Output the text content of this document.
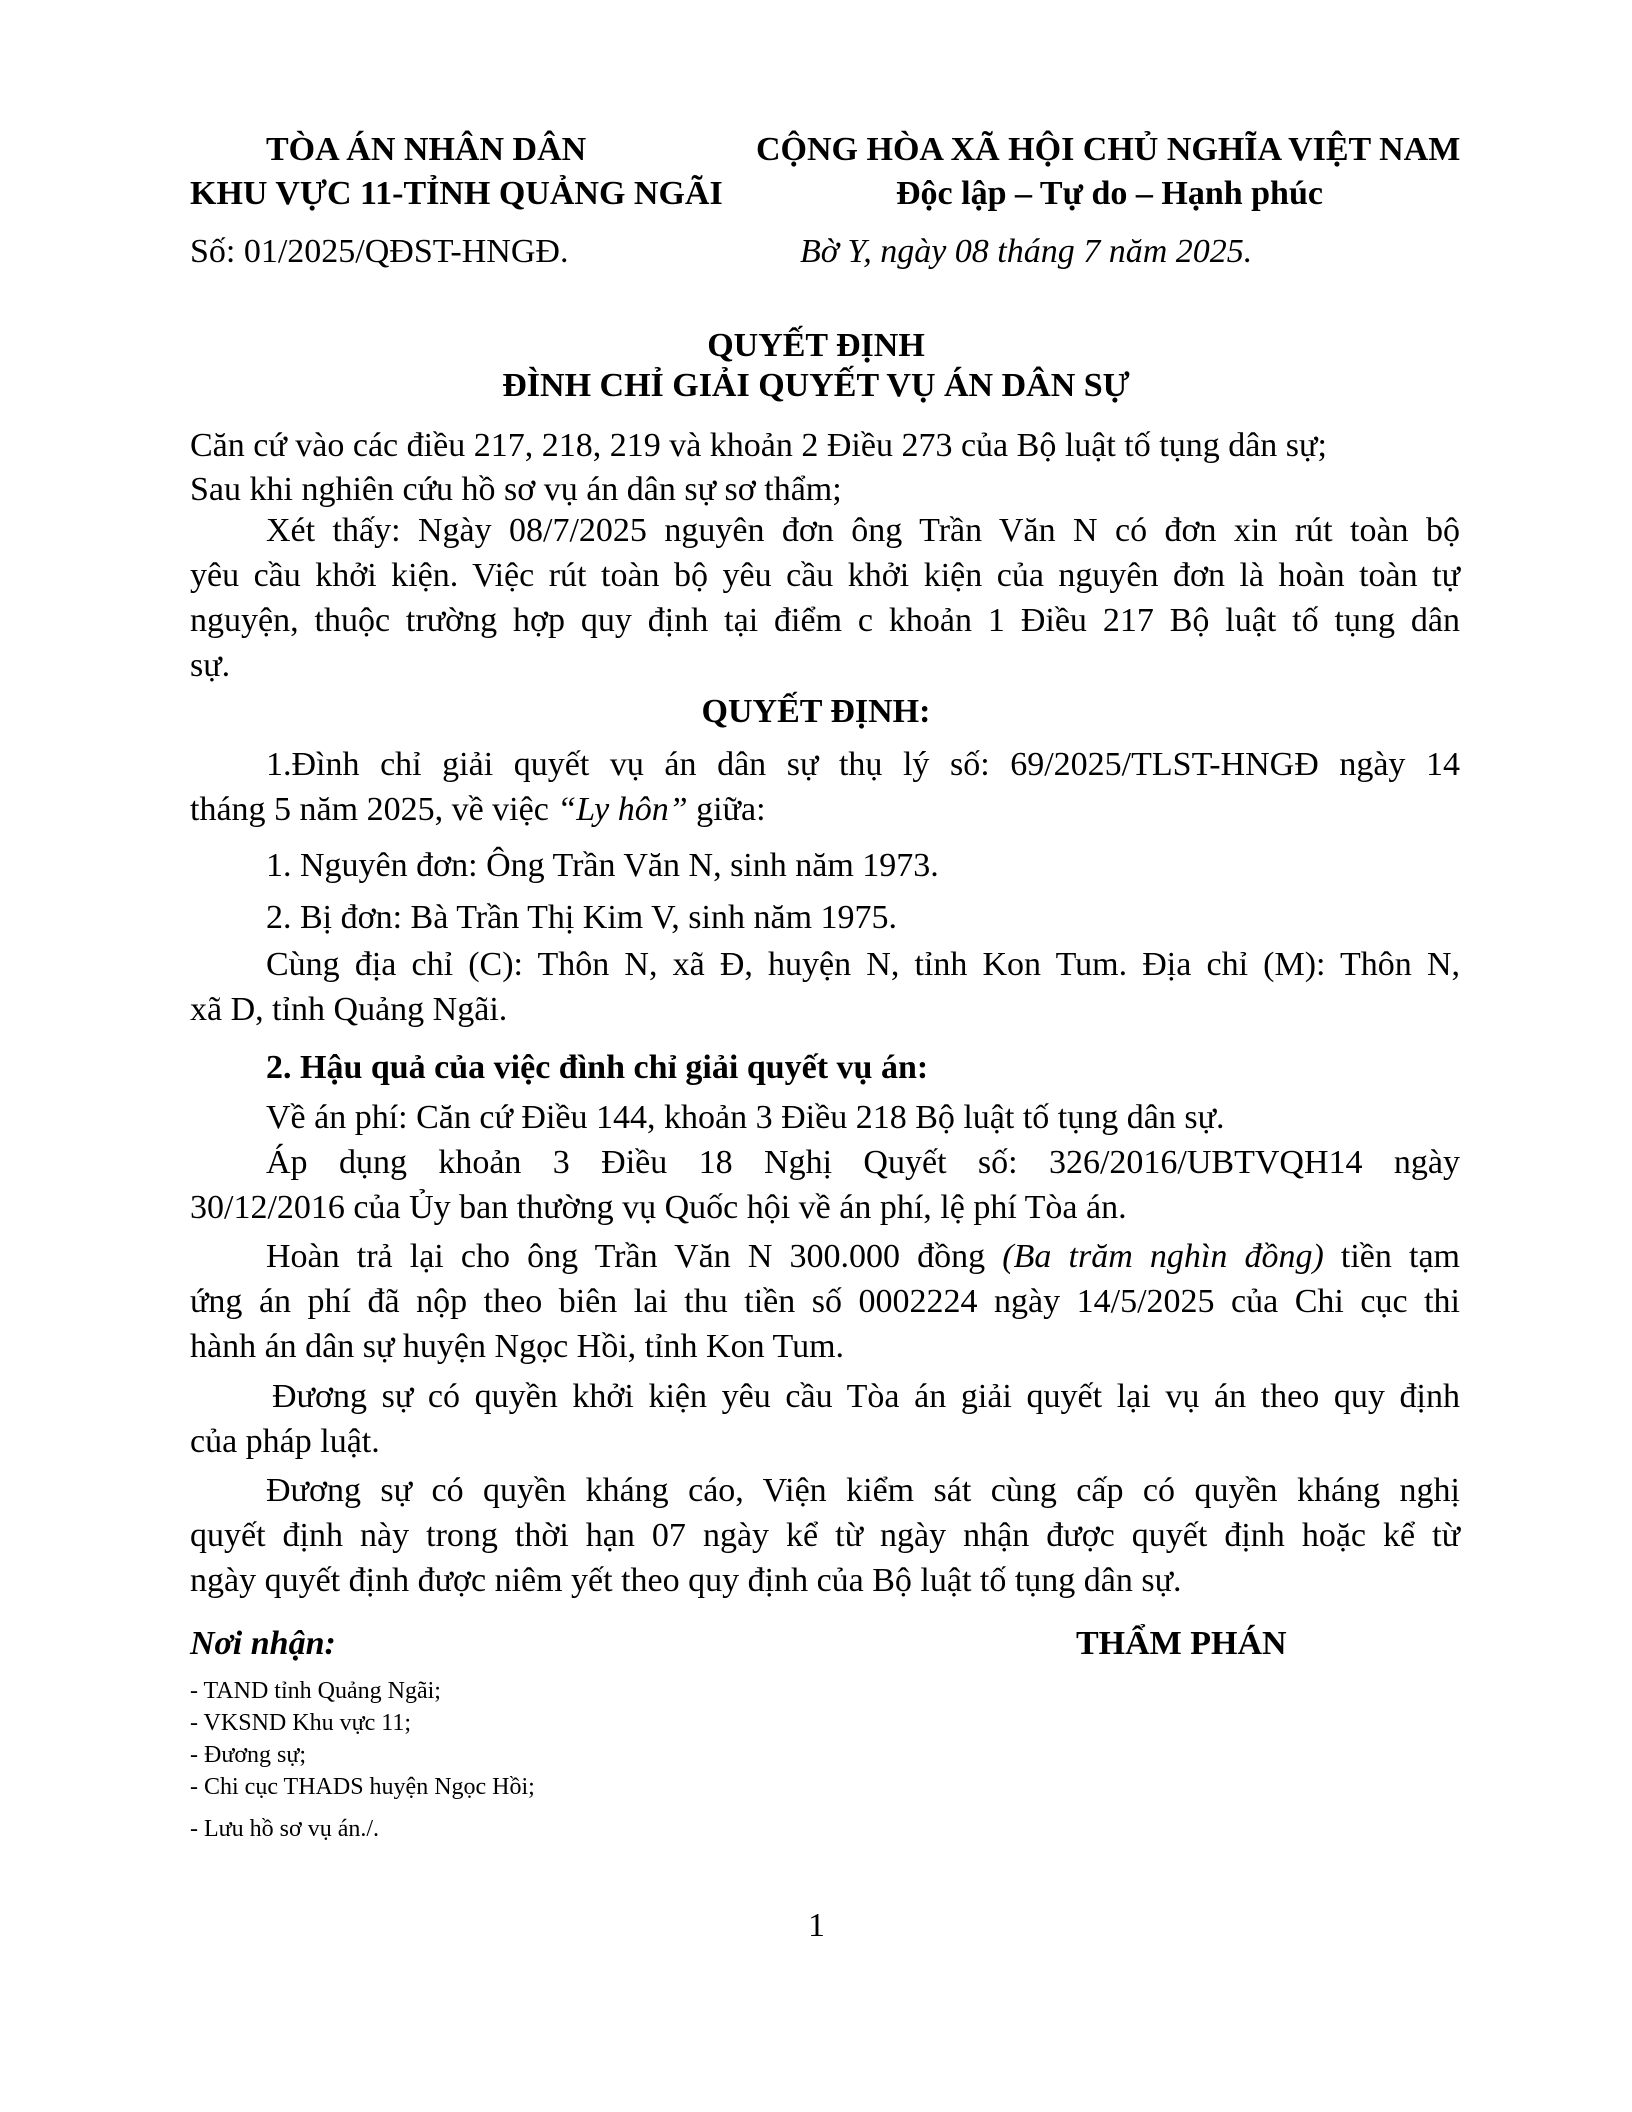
TÒA ÁN NHÂN DÂN
KHU VỰC 11-TỈNH QUẢNG NGÃI
CỘNG HÒA XÃ HỘI CHỦ NGHĨA VIỆT NAM
Độc lập – Tự do – Hạnh phúc
Số: 01/2025/QĐST-HNGĐ.	Bờ Y, ngày 08 tháng 7 năm 2025.
QUYẾT ĐỊNH
ĐÌNH CHỈ GIẢI QUYẾT VỤ ÁN DÂN SỰ
Căn cứ vào các điều 217, 218, 219 và khoản 2 Điều 273 của Bộ luật tố tụng dân sự;
Sau khi nghiên cứu hồ sơ vụ án dân sự sơ thẩm;
Xét thấy: Ngày 08/7/2025 nguyên đơn ông Trần Văn N có đơn xin rút toàn bộ
yêu cầu khởi kiện. Việc rút toàn bộ yêu cầu khởi kiện của nguyên đơn là hoàn toàn tự
nguyện, thuộc trường hợp quy định tại điểm c khoản 1 Điều 217 Bộ luật tố tụng dân
sự.
QUYẾT ĐỊNH:
1.Đình chỉ giải quyết vụ án dân sự thụ lý số: 69/2025/TLST-HNGĐ ngày 14
tháng 5 năm 2025, về việc “Ly hôn” giữa:
1. Nguyên đơn: Ông Trần Văn N, sinh năm 1973.
2. Bị đơn: Bà Trần Thị Kim V, sinh năm 1975.
Cùng địa chỉ (C): Thôn N, xã Đ, huyện N, tỉnh Kon Tum. Địa chỉ (M): Thôn N,
xã D, tỉnh Quảng Ngãi.
2. Hậu quả của việc đình chỉ giải quyết vụ án:
Về án phí: Căn cứ Điều 144, khoản 3 Điều 218 Bộ luật tố tụng dân sự.
Áp dụng khoản 3 Điều 18 Nghị Quyết số: 326/2016/UBTVQH14 ngày
30/12/2016 của Ủy ban thường vụ Quốc hội về án phí, lệ phí Tòa án.
Hoàn trả lại cho ông Trần Văn N 300.000 đồng (Ba trăm nghìn đồng) tiền tạm
ứng án phí đã nộp theo biên lai thu tiền số 0002224 ngày 14/5/2025 của Chi cục thi
hành án dân sự huyện Ngọc Hồi, tỉnh Kon Tum.
Đương sự có quyền khởi kiện yêu cầu Tòa án giải quyết lại vụ án theo quy định
của pháp luật.
Đương sự có quyền kháng cáo, Viện kiểm sát cùng cấp có quyền kháng nghị
quyết định này trong thời hạn 07 ngày kể từ ngày nhận được quyết định hoặc kể từ
ngày quyết định được niêm yết theo quy định của Bộ luật tố tụng dân sự.
Nơi nhận:	THẨM PHÁN
- TAND tỉnh Quảng Ngãi;
- VKSND Khu vực 11;
- Đương sự;
- Chi cục THADS huyện Ngọc Hồi;
- Lưu hồ sơ vụ án./.
1
